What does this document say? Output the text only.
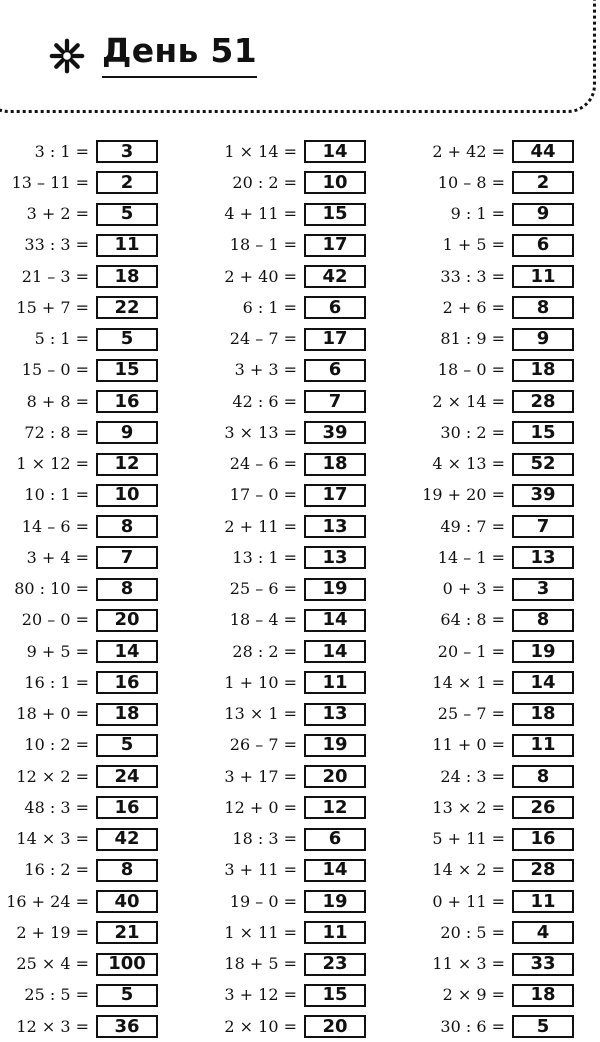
День 51
3 : 1 =	3
13 – 11 =	2
3 + 2 =	5
33 : 3 =	11
21 – 3 =	18
15 + 7 =	22
5 : 1 =	5
15 – 0 =	15
8 + 8 =	16
72 : 8 =	9
1 × 12 =	12
10 : 1 =	10
14 – 6 =	8
3 + 4 =	7
80 : 10 =	8
20 – 0 =	20
9 + 5 =	14
16 : 1 =	16
18 + 0 =	18
10 : 2 =	5
12 × 2 =	24
48 : 3 =	16
14 × 3 =	42
16 : 2 =	8
16 + 24 =	40
2 + 19 =	21
25 × 4 =	100
25 : 5 =	5
12 × 3 =	36
1 × 14 =	14
20 : 2 =	10
4 + 11 =	15
18 – 1 =	17
2 + 40 =	42
6 : 1 =	6
24 – 7 =	17
3 + 3 =	6
42 : 6 =	7
3 × 13 =	39
24 – 6 =	18
17 – 0 =	17
2 + 11 =	13
13 : 1 =	13
25 – 6 =	19
18 – 4 =	14
28 : 2 =	14
1 + 10 =	11
13 × 1 =	13
26 – 7 =	19
3 + 17 =	20
12 + 0 =	12
18 : 3 =	6
3 + 11 =	14
19 – 0 =	19
1 × 11 =	11
18 + 5 =	23
3 + 12 =	15
2 × 10 =	20
2 + 42 =	44
10 – 8 =	2
9 : 1 =	9
1 + 5 =	6
33 : 3 =	11
2 + 6 =	8
81 : 9 =	9
18 – 0 =	18
2 × 14 =	28
30 : 2 =	15
4 × 13 =	52
19 + 20 =	39
49 : 7 =	7
14 – 1 =	13
0 + 3 =	3
64 : 8 =	8
20 – 1 =	19
14 × 1 =	14
25 – 7 =	18
11 + 0 =	11
24 : 3 =	8
13 × 2 =	26
5 + 11 =	16
14 × 2 =	28
0 + 11 =	11
20 : 5 =	4
11 × 3 =	33
2 × 9 =	18
30 : 6 =	5
